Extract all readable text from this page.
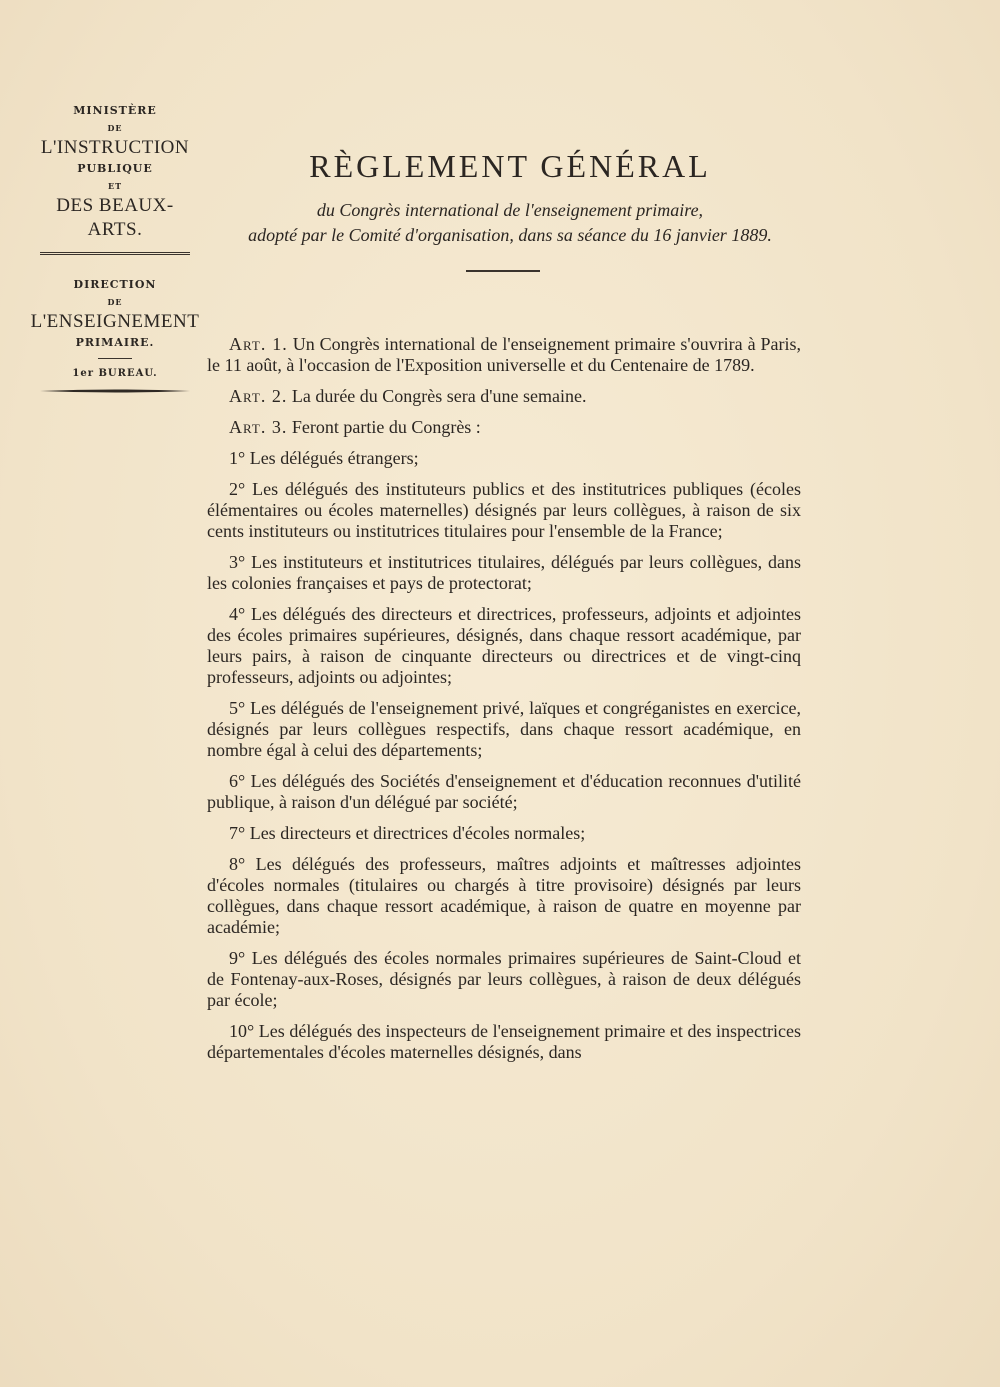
MINISTÈRE

DE

L'INSTRUCTION

PUBLIQUE

ET

DES BEAUX-ARTS.

DIRECTION

DE

L'ENSEIGNEMENT

PRIMAIRE.

1er BUREAU.

RÈGLEMENT GÉNÉRAL

du Congrès international de l'enseignement primaire,

adopté par le Comité d'organisation, dans sa séance du 16 janvier 1889.

Art. 1. Un Congrès international de l'enseignement primaire s'ouvrira à Paris, le 11 août, à l'occasion de l'Exposition universelle et du Centenaire de 1789.

Art. 2. La durée du Congrès sera d'une semaine.

Art. 3. Feront partie du Congrès :

1° Les délégués étrangers;

2° Les délégués des instituteurs publics et des institutrices publiques (écoles élémentaires ou écoles maternelles) désignés par leurs collègues, à raison de six cents instituteurs ou institutrices titulaires pour l'ensemble de la France;

3° Les instituteurs et institutrices titulaires, délégués par leurs collègues, dans les colonies françaises et pays de protectorat;

4° Les délégués des directeurs et directrices, professeurs, adjoints et adjointes des écoles primaires supérieures, désignés, dans chaque ressort académique, par leurs pairs, à raison de cinquante directeurs ou directrices et de vingt-cinq professeurs, adjoints ou adjointes;

5° Les délégués de l'enseignement privé, laïques et congréganistes en exercice, désignés par leurs collègues respectifs, dans chaque ressort académique, en nombre égal à celui des départements;

6° Les délégués des Sociétés d'enseignement et d'éducation reconnues d'utilité publique, à raison d'un délégué par société;

7° Les directeurs et directrices d'écoles normales;

8° Les délégués des professeurs, maîtres adjoints et maîtresses adjointes d'écoles normales (titulaires ou chargés à titre provisoire) désignés par leurs collègues, dans chaque ressort académique, à raison de quatre en moyenne par académie;

9° Les délégués des écoles normales primaires supérieures de Saint-Cloud et de Fontenay-aux-Roses, désignés par leurs collègues, à raison de deux délégués par école;

10° Les délégués des inspecteurs de l'enseignement primaire et des inspectrices départementales d'écoles maternelles désignés, dans
